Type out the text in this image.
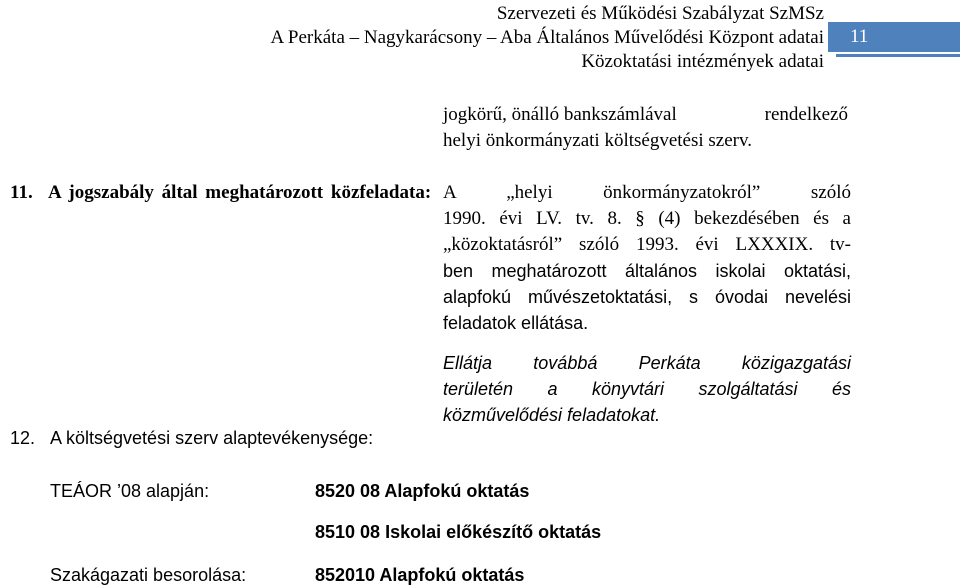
Szervezeti és Működési Szabályzat SzMSz
A Perkáta – Nagykarácsony – Aba Általános Művelődési Központ adatai
Közoktatási intézmények adatai
11
jogkörű, önálló bankszámlával	rendelkező
helyi önkormányzati költségvetési szerv.
11. A jogszabály által meghatározott közfeladata: A „helyi önkormányzatokról” szóló
1990. évi LV. tv. 8. § (4) bekezdésében és a
„közoktatásról” szóló 1993. évi LXXXIX. tv-
ben meghatározott általános iskolai oktatási,
alapfokú művészetoktatási, s óvodai nevelési
feladatok ellátása.
Ellátja továbbá Perkáta közigazgatási
területén a könyvtári szolgáltatási és
közművelődési feladatokat.
12. A költségvetési szerv alaptevékenysége:
TEÁOR ’08 alapján:	8520 08 Alapfokú oktatás
8510 08 Iskolai előkészítő oktatás
Szakágazati besorolása:	852010 Alapfokú oktatás
